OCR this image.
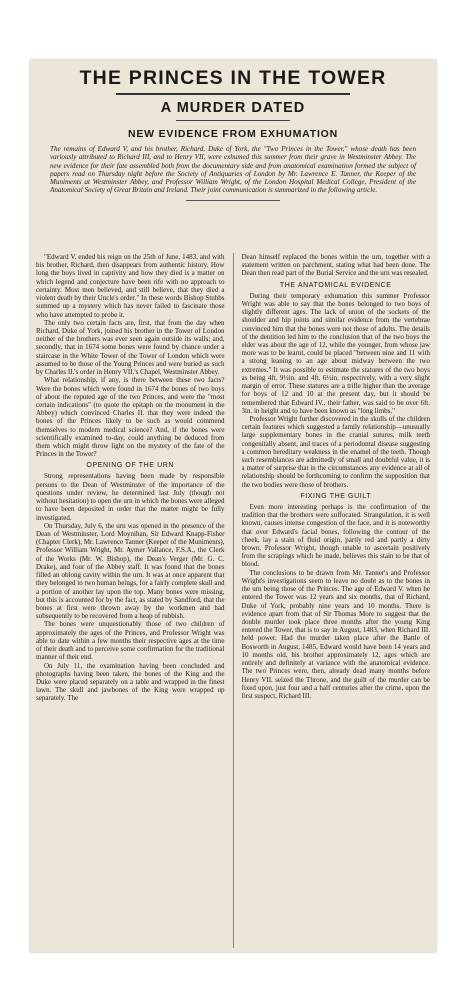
THE PRINCES IN THE TOWER
A MURDER DATED
NEW EVIDENCE FROM EXHUMATION

The remains of Edward V, and his brother, Richard, Duke of York, the "Two Princes in the Tower," whose death has been variously attributed to Richard III, and to Henry VII, were exhumed this summer from their grave in Westminster Abbey. The new evidence for their fate assembled both from the documentary side and from anatomical examination formed the subject of papers read on Thursday night before the Society of Antiquaries of London by Mr. Lawrence E. Tanner, the Keeper of the Muniments at Westminster Abbey, and Professor William Wright, of the London Hospital Medical College, President of the Anatomical Society of Great Britain and Ireland. Their joint communication is summarized in the following article.

"Edward V. ended his reign on the 25th of June, 1483, and with his brother, Richard, then disappears from authentic history. How long the boys lived in captivity and how they died is a matter on which legend and conjecture have been rife with no approach to certainty. Most men believed, and still believe, that they died a violent death by their Uncle's order." In these words Bishop Stubbs summed up a mystery which has never failed to fascinate those who have attempted to probe it.

The only two certain facts are, first, that from the day when Richard, Duke of York, joined his brother in the Tower of London neither of the brothers was ever seen again outside its walls; and, secondly, that in 1674 some bones were found by chance under a staircase in the White Tower of the Tower of London which were assumed to be those of the Young Princes and were buried as such by Charles II.'s order in Henry VII.'s Chapel, Westminster Abbey.

What relationship, if any, is there between these two facts? Were the bones which were found in 1674 the bones of two boys of about the reputed age of the two Princes, and were the "most certain indications" (to quote the epitaph on the monument in the Abbey) which convinced Charles II. that they were indeed the bones of the Princes likely to be such as would commend themselves to modern medical science? And, if the bones were scientifically examined to-day, could anything be deduced from them which might throw light on the mystery of the fate of the Princes in the Tower?

OPENING OF THE URN

Strong representations having been made by responsible persons to the Dean of Westminster of the importance of the questions under review, he determined last July (though not without hesitation) to open the urn in which the bones were alleged to have been deposited in order that the matter might be fully investigated.

On Thursday, July 6, the urn was opened in the presence of the Dean of Westminster, Lord Moynihan, Sir Edward Knapp-Fisher (Chapter Clerk), Mr. Lawrence Tanner (Keeper of the Muniments), Professor William Wright, Mr. Aymer Vallance, F.S.A., the Clerk of the Works (Mr. W. Bishop), the Dean's Verger (Mr. G. C. Drake), and four of the Abbey staff. It was found that the bones filled an oblong cavity within the urn. It was at once apparent that they belonged to two human beings, for a fairly complete skull and a portion of another lay upon the top. Many bones were missing, but this is accounted for by the fact, as stated by Sandford, that the bones at first were thrown away by the workmen and had subsequently to be recovered from a heap of rubbish.

The bones were unquestionably those of two children of approximately the ages of the Princes, and Professor Wright was able to date within a few months their respective ages at the time of their death and to perceive some confirmation for the traditional manner of their end.

On July 11, the examination having been concluded and photographs having been taken, the bones of the King and the Duke were placed separately on a table and wrapped in the finest lawn. The skull and jawbones of the King were wrapped up separately. The

Dean himself replaced the bones within the urn, together with a statement written on parchment, stating what had been done. The Dean then read part of the Burial Service and the urn was resealed.

THE ANATOMICAL EVIDENCE

During their temporary exhumation this summer Professor Wright was able to say that the bones belonged to two boys of slightly different ages. The lack of union of the sockets of the shoulder and hip joints and similar evidence from the vertebrae convinced him that the bones were not those of adults. The details of the dentition led him to the conclusion that of the two boys the elder was about the age of 12, while the younger, from whose jaw more was to be learnt, could be placed "between nine and 11 with a strong leaning to an age about midway between the two extremes." It was possible to estimate the statures of the two boys as being 4ft. 9½in. and 4ft. 6½in. respectively, with a very slight margin of error. These statures are a trifle higher than the average for boys of 12 and 10 at the present day, but it should be remembered that Edward IV., their father, was said to be over 6ft. 3in. in height and to have been known as "long limbs."

Professor Wright further discovered in the skulls of the children certain features which suggested a family relationship—unusually large supplementary bones in the cranial sutures, milk teeth congenitally absent, and traces of a periodontal disease suggesting a common hereditary weakness in the enamel of the teeth. Though such resemblances are admittedly of small and doubtful value, it is a matter of surprise that in the circumstances any evidence at all of relationship should be forthcoming to confirm the supposition that the two bodies were those of brothers.

FIXING THE GUILT

Even more interesting perhaps is the confirmation of the tradition that the brothers were suffocated. Strangulation, it is well known, causes intense congestion of the face, and it is noteworthy that over Edward's facial bones, following the contour of the cheek, lay a stain of fluid origin, partly red and partly a dirty brown. Professor Wright, though unable to ascertain positively from the scrapings which he made, believes this stain to be that of blood.

The conclusions to be drawn from Mr. Tanner's and Professor Wright's investigations seem to leave no doubt as to the bones in the urn being those of the Princes. The age of Edward V. when he entered the Tower was 12 years and six months, that of Richard, Duke of York, probably nine years and 10 months. There is evidence apart from that of Sir Thomas More to suggest that the double murder took place three months after the young King entered the Tower, that is to say in August, 1483, when Richard III. held power. Had the murder taken place after the Battle of Bosworth in August, 1485, Edward would have been 14 years and 10 months old, his brother approximately 12, ages which are entirely and definitely at variance with the anatomical evidence. The two Princes were, then, already dead many months before Henry VII. seized the Throne, and the guilt of the murder can be fixed upon, just four and a half centuries after the crime, upon the first suspect, Richard III.
